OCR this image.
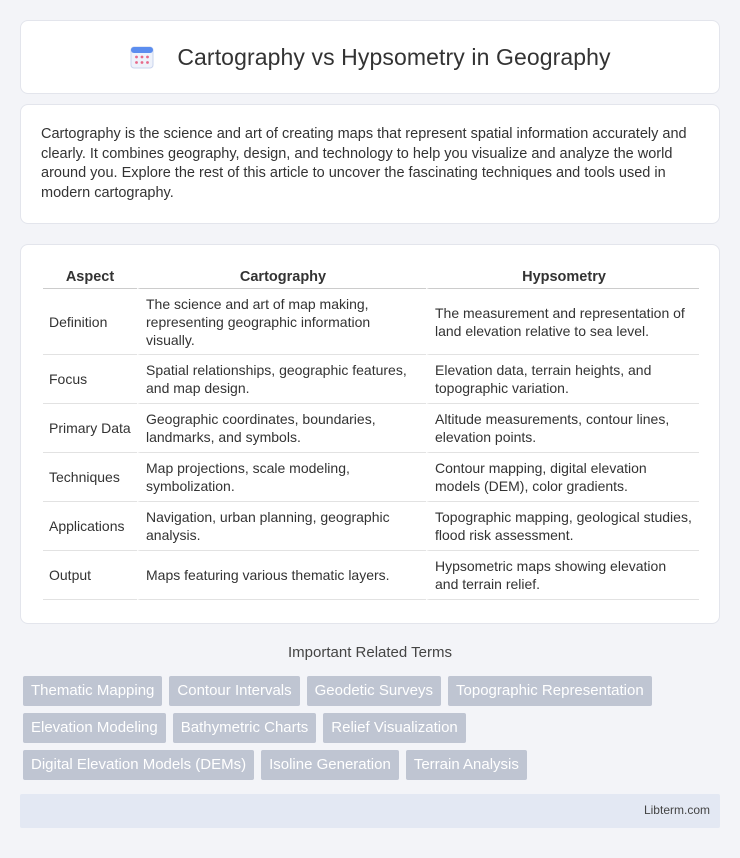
Cartography vs Hypsometry in Geography

Cartography is the science and art of creating maps that represent spatial information accurately and clearly. It combines geography, design, and technology to help you visualize and analyze the world around you. Explore the rest of this article to uncover the fascinating techniques and tools used in modern cartography.

Aspect	Cartography	Hypsometry
Definition	The science and art of map making, representing geographic information visually.	The measurement and representation of land elevation relative to sea level.
Focus	Spatial relationships, geographic features, and map design.	Elevation data, terrain heights, and topographic variation.
Primary Data	Geographic coordinates, boundaries, landmarks, and symbols.	Altitude measurements, contour lines, elevation points.
Techniques	Map projections, scale modeling, symbolization.	Contour mapping, digital elevation models (DEM), color gradients.
Applications	Navigation, urban planning, geographic analysis.	Topographic mapping, geological studies, flood risk assessment.
Output	Maps featuring various thematic layers.	Hypsometric maps showing elevation and terrain relief.
Important Related Terms
Thematic Mapping	Contour Intervals	Geodetic Surveys	Topographic Representation
Elevation Modeling	Bathymetric Charts	Relief Visualization
Digital Elevation Models (DEMs)	Isoline Generation	Terrain Analysis
Libterm.com
